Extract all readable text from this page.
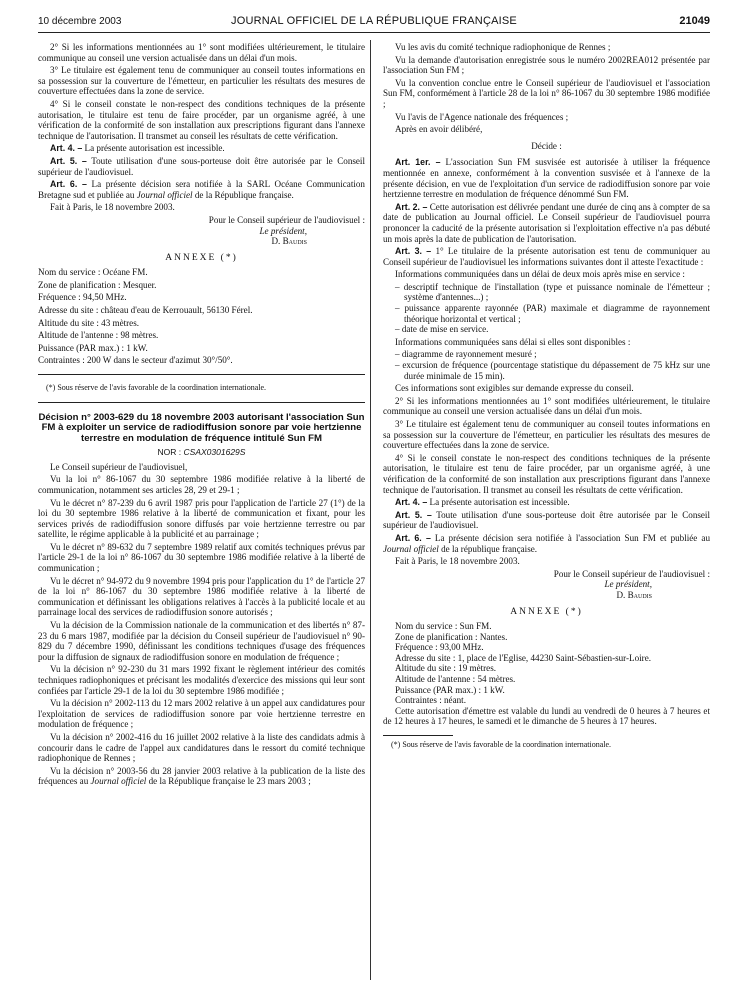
10 décembre 2003	JOURNAL OFFICIEL DE LA RÉPUBLIQUE FRANÇAISE	21049

2° Si les informations mentionnées au 1° sont modifiées ultérieurement, le titulaire communique au conseil une version actualisée dans un délai d'un mois.

3° Le titulaire est également tenu de communiquer au conseil toutes informations en sa possession sur la couverture de l'émetteur, en particulier les résultats des mesures de couverture effectuées dans la zone de service.

4° Si le conseil constate le non-respect des conditions techniques de la présente autorisation, le titulaire est tenu de faire procéder, par un organisme agréé, à une vérification de la conformité de son installation aux prescriptions figurant dans l'annexe technique de l'autorisation. Il transmet au conseil les résultats de cette vérification.

Art. 4. – La présente autorisation est incessible.

Art. 5. – Toute utilisation d'une sous-porteuse doit être autorisée par le Conseil supérieur de l'audiovisuel.

Art. 6. – La présente décision sera notifiée à la SARL Océane Communication Bretagne sud et publiée au Journal officiel de la République française.

Fait à Paris, le 18 novembre 2003.

Pour le Conseil supérieur de l'audiovisuel :

Le président,

D. Baudis

ANNEXE (*)

Nom du service : Océane FM.

Zone de planification : Mesquer.

Fréquence : 94,50 MHz.

Adresse du site : château d'eau de Kerrouault, 56130 Férel.

Altitude du site : 43 mètres.

Altitude de l'antenne : 98 mètres.

Puissance (PAR max.) : 1 kW.

Contraintes : 200 W dans le secteur d'azimut 30°/50°.

(*) Sous réserve de l'avis favorable de la coordination internationale.

Décision n° 2003-629 du 18 novembre 2003 autorisant l'association Sun FM à exploiter un service de radiodiffusion sonore par voie hertzienne terrestre en modulation de fréquence intitulé Sun FM
NOR : CSAX0301629S

Le Conseil supérieur de l'audiovisuel,

Vu la loi n° 86-1067 du 30 septembre 1986 modifiée relative à la liberté de communication, notamment ses articles 28, 29 et 29-1 ;

Vu le décret n° 87-239 du 6 avril 1987 pris pour l'application de l'article 27 (1°) de la loi du 30 septembre 1986 relative à la liberté de communication et fixant, pour les services privés de radiodiffusion sonore diffusés par voie hertzienne terrestre ou par satellite, le régime applicable à la publicité et au parrainage ;

Vu le décret n° 89-632 du 7 septembre 1989 relatif aux comités techniques prévus par l'article 29-1 de la loi n° 86-1067 du 30 septembre 1986 modifiée relative à la liberté de communication ;

Vu le décret n° 94-972 du 9 novembre 1994 pris pour l'application du 1° de l'article 27 de la loi n° 86-1067 du 30 septembre 1986 modifiée relative à la liberté de communication et définissant les obligations relatives à l'accès à la publicité locale et au parrainage local des services de radiodiffusion sonore autorisés ;

Vu la décision de la Commission nationale de la communication et des libertés n° 87-23 du 6 mars 1987, modifiée par la décision du Conseil supérieur de l'audiovisuel n° 90-829 du 7 décembre 1990, définissant les conditions techniques d'usage des fréquences pour la diffusion de signaux de radiodiffusion sonore en modulation de fréquence ;

Vu la décision n° 92-230 du 31 mars 1992 fixant le règlement intérieur des comités techniques radiophoniques et précisant les modalités d'exercice des missions qui leur sont confiées par l'article 29-1 de la loi du 30 septembre 1986 modifiée ;

Vu la décision n° 2002-113 du 12 mars 2002 relative à un appel aux candidatures pour l'exploitation de services de radiodiffusion sonore par voie hertzienne terrestre en modulation de fréquence ;

Vu la décision n° 2002-416 du 16 juillet 2002 relative à la liste des candidats admis à concourir dans le cadre de l'appel aux candidatures dans le ressort du comité technique radiophonique de Rennes ;

Vu la décision n° 2003-56 du 28 janvier 2003 relative à la publication de la liste des fréquences au Journal officiel de la République française le 23 mars 2003 ;

Vu les avis du comité technique radiophonique de Rennes ;

Vu la demande d'autorisation enregistrée sous le numéro 2002REA012 présentée par l'association Sun FM ;

Vu la convention conclue entre le Conseil supérieur de l'audiovisuel et l'association Sun FM, conformément à l'article 28 de la loi n° 86-1067 du 30 septembre 1986 modifiée ;

Vu l'avis de l'Agence nationale des fréquences ;

Après en avoir délibéré,

Décide :

Art. 1er. – L'association Sun FM susvisée est autorisée à utiliser la fréquence mentionnée en annexe, conformément à la convention susvisée et à l'annexe de la présente décision, en vue de l'exploitation d'un service de radiodiffusion sonore par voie hertzienne terrestre en modulation de fréquence dénommé Sun FM.

Art. 2. – Cette autorisation est délivrée pendant une durée de cinq ans à compter de sa date de publication au Journal officiel. Le Conseil supérieur de l'audiovisuel pourra prononcer la caducité de la présente autorisation si l'exploitation effective n'a pas débuté un mois après la date de publication de l'autorisation.

Art. 3. – 1° Le titulaire de la présente autorisation est tenu de communiquer au Conseil supérieur de l'audiovisuel les informations suivantes dont il atteste l'exactitude :

Informations communiquées dans un délai de deux mois après mise en service :

– descriptif technique de l'installation (type et puissance nominale de l'émetteur ; système d'antennes...) ;
– puissance apparente rayonnée (PAR) maximale et diagramme de rayonnement théorique horizontal et vertical ;
– date de mise en service.

Informations communiquées sans délai si elles sont disponibles :

– diagramme de rayonnement mesuré ;
– excursion de fréquence (pourcentage statistique du dépassement de 75 kHz sur une durée minimale de 15 min).

Ces informations sont exigibles sur demande expresse du conseil.

2° Si les informations mentionnées au 1° sont modifiées ultérieurement, le titulaire communique au conseil une version actualisée dans un délai d'un mois.

3° Le titulaire est également tenu de communiquer au conseil toutes informations en sa possession sur la couverture de l'émetteur, en particulier les résultats des mesures de couverture effectuées dans la zone de service.

4° Si le conseil constate le non-respect des conditions techniques de la présente autorisation, le titulaire est tenu de faire procéder, par un organisme agréé, à une vérification de la conformité de son installation aux prescriptions figurant dans l'annexe technique de l'autorisation. Il transmet au conseil les résultats de cette vérification.

Art. 4. – La présente autorisation est incessible.

Art. 5. – Toute utilisation d'une sous-porteuse doit être autorisée par le Conseil supérieur de l'audiovisuel.

Art. 6. – La présente décision sera notifiée à l'association Sun FM et publiée au Journal officiel de la république française.

Fait à Paris, le 18 novembre 2003.

Pour le Conseil supérieur de l'audiovisuel :

Le président,

D. Baudis

ANNEXE (*)

Nom du service : Sun FM.

Zone de planification : Nantes.

Fréquence : 93,00 MHz.

Adresse du site : 1, place de l'Eglise, 44230 Saint-Sébastien-sur-Loire.

Altitude du site : 19 mètres.

Altitude de l'antenne : 54 mètres.

Puissance (PAR max.) : 1 kW.

Contraintes : néant.

Cette autorisation d'émettre est valable du lundi au vendredi de 0 heures à 7 heures et de 12 heures à 17 heures, le samedi et le dimanche de 5 heures à 17 heures.

(*) Sous réserve de l'avis favorable de la coordination internationale.
